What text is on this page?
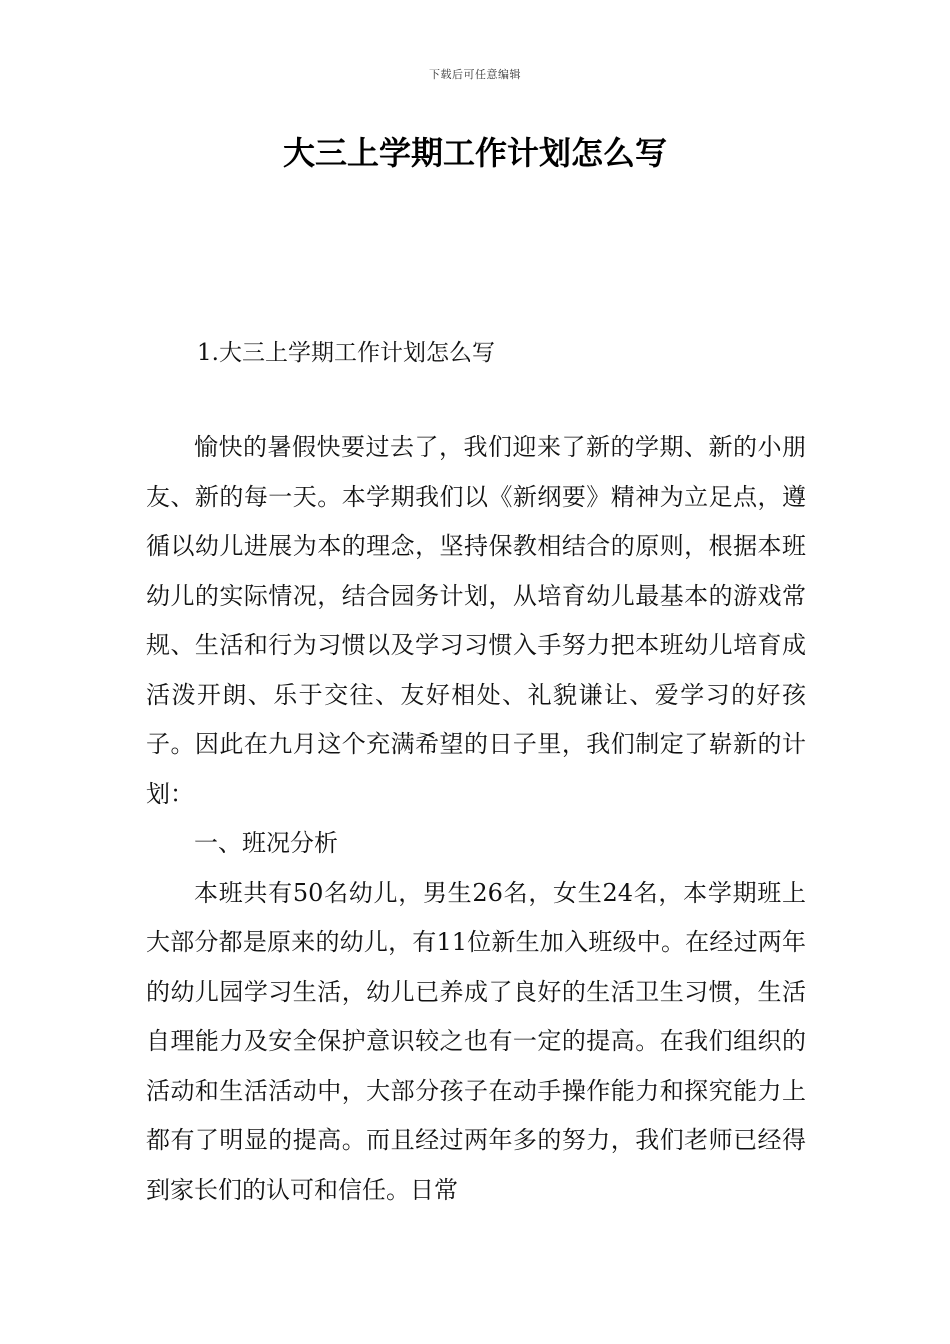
下载后可任意编辑
大三上学期工作计划怎么写
1.大三上学期工作计划怎么写

愉快的暑假快要过去了，我们迎来了新的学期、新的小朋友、新的每一天。本学期我们以《新纲要》精神为立足点，遵循以幼儿进展为本的理念，坚持保教相结合的原则，根据本班幼儿的实际情况，结合园务计划，从培育幼儿最基本的游戏常规、生活和行为习惯以及学习习惯入手努力把本班幼儿培育成活泼开朗、乐于交往、友好相处、礼貌谦让、爱学习的好孩子。因此在九月这个充满希望的日子里，我们制定了崭新的计划：

一、班况分析

本班共有50名幼儿，男生26名，女生24名，本学期班上大部分都是原来的幼儿，有11位新生加入班级中。在经过两年的幼儿园学习生活，幼儿已养成了良好的生活卫生习惯，生活自理能力及安全保护意识较之也有一定的提高。在我们组织的活动和生活活动中，大部分孩子在动手操作能力和探究能力上都有了明显的提高。而且经过两年多的努力，我们老师已经得到家长们的认可和信任。日常
